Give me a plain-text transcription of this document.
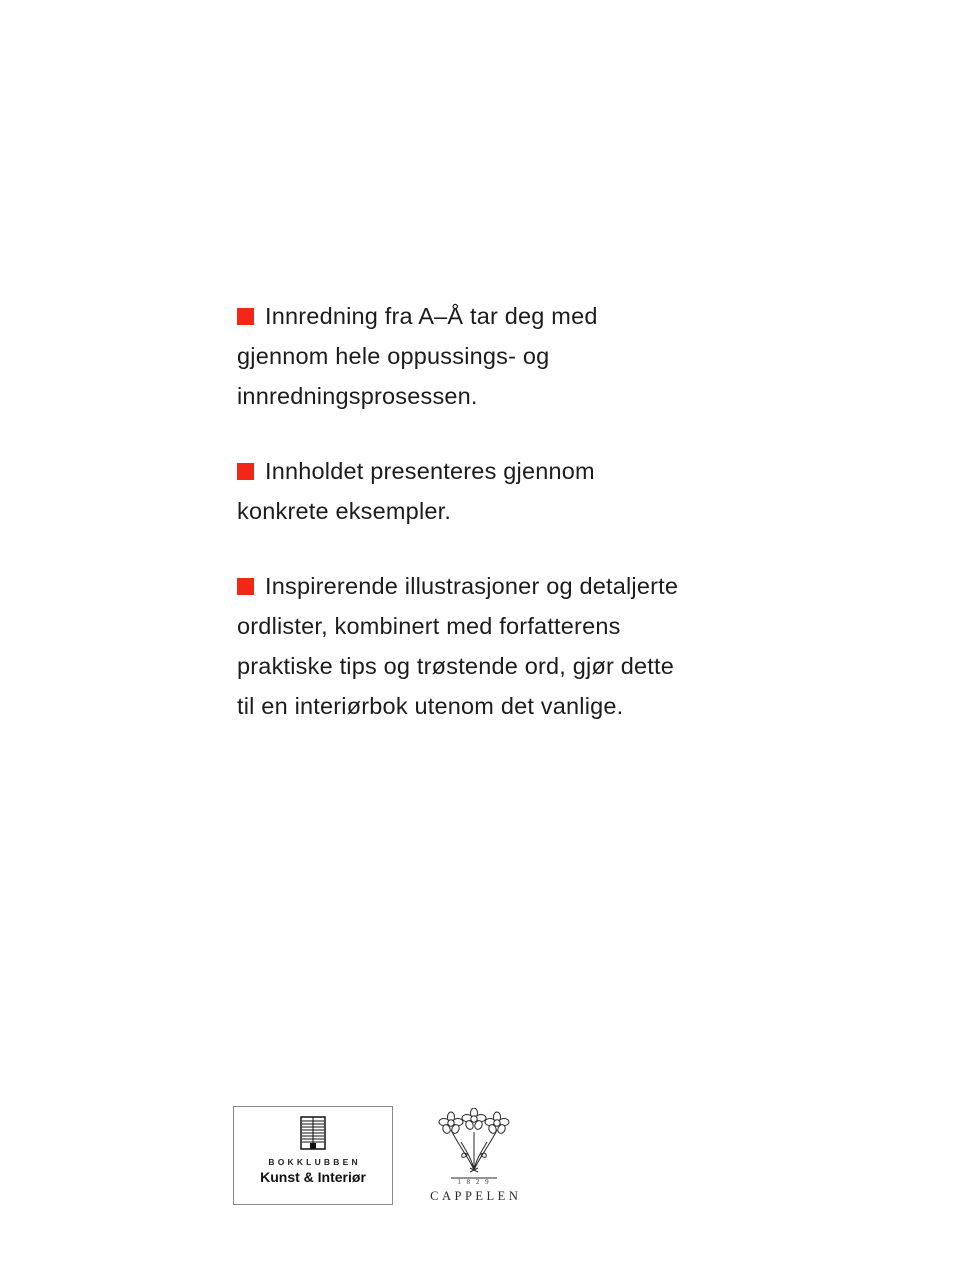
Innredning fra A–Å tar deg med gjennom hele oppussings- og innredningsprosessen.

Innholdet presenteres gjennom konkrete eksempler.

Inspirerende illustrasjoner og detaljerte ordlister, kombinert med forfatterens praktiske tips og trøstende ord, gjør dette til en interiørbok utenom det vanlige.

BOKKLUBBEN
Kunst & Interiør	1 8 2 9
CAPPELEN
